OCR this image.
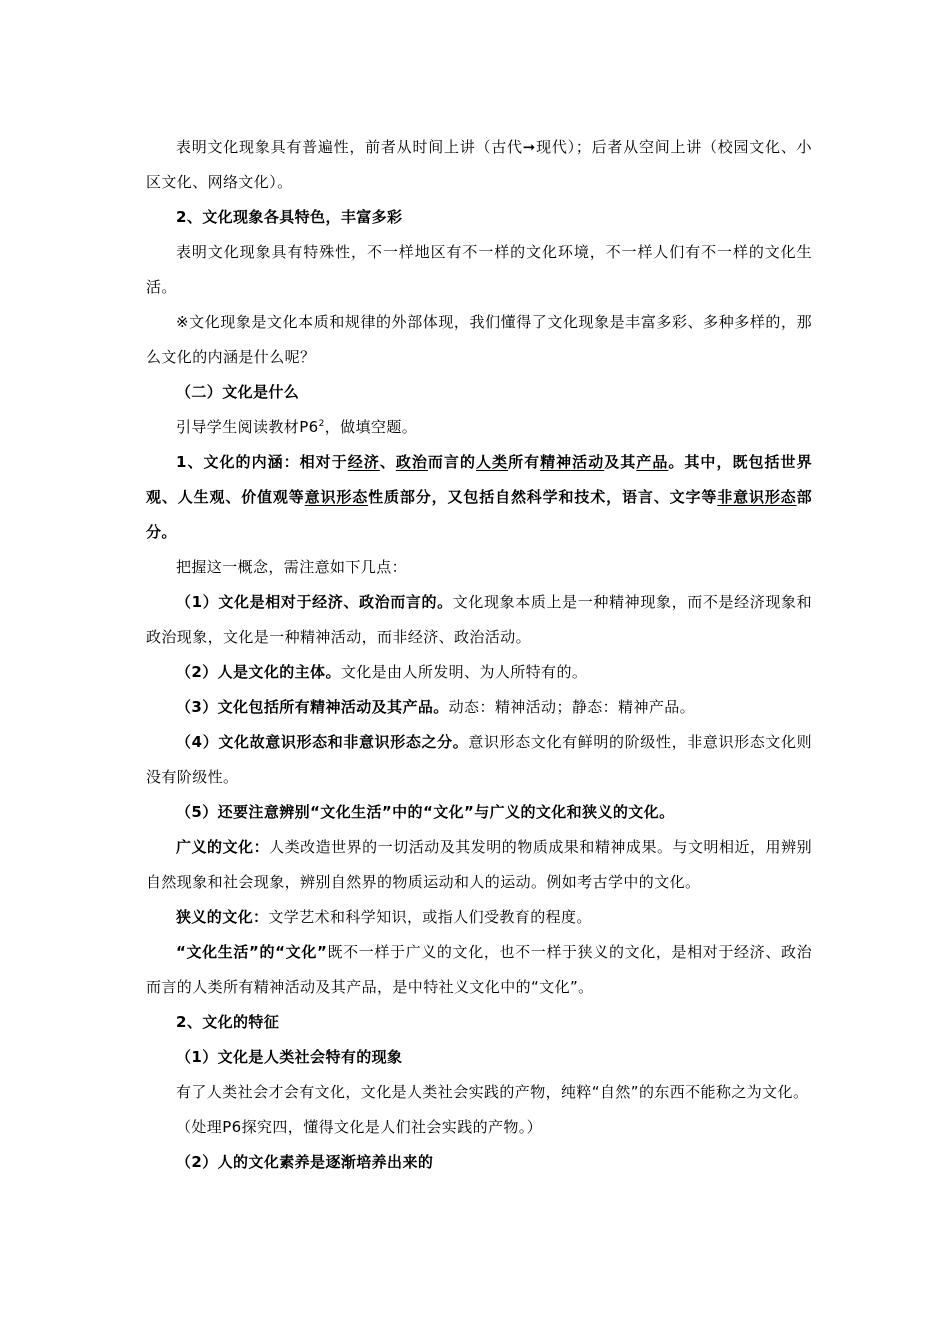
表明文化现象具有普遍性，前者从时间上讲（古代➞现代）；后者从空间上讲（校园文化、小区文化、网络文化）。

2、文化现象各具特色，丰富多彩

表明文化现象具有特殊性，不一样地区有不一样的文化环境，不一样人们有不一样的文化生活。

※文化现象是文化本质和规律的外部体现，我们懂得了文化现象是丰富多彩、多种多样的，那么文化的内涵是什么呢？

（二）文化是什么

引导学生阅读教材$P6^2$，做填空题。

1、文化的内涵：相对于经济、政治而言的人类所有精神活动及其产品。其中，既包括世界观、人生观、价值观等意识形态性质部分，又包括自然科学和技术，语言、文字等非意识形态部分。

把握这一概念，需注意如下几点：

（1）文化是相对于经济、政治而言的。文化现象本质上是一种精神现象，而不是经济现象和政治现象，文化是一种精神活动，而非经济、政治活动。

（2）人是文化的主体。文化是由人所发明、为人所特有的。

（3）文化包括所有精神活动及其产品。动态：精神活动；静态：精神产品。

（4）文化故意识形态和非意识形态之分。意识形态文化有鲜明的阶级性，非意识形态文化则没有阶级性。

（5）还要注意辨别“文化生活”中的“文化”与广义的文化和狭义的文化。

广义的文化：人类改造世界的一切活动及其发明的物质成果和精神成果。与文明相近，用辨别自然现象和社会现象，辨别自然界的物质运动和人的运动。例如考古学中的文化。

狭义的文化：文学艺术和科学知识，或指人们受教育的程度。

“文化生活”的“文化”既不一样于广义的文化，也不一样于狭义的文化，是相对于经济、政治而言的人类所有精神活动及其产品，是中特社义文化中的“文化”。

2、文化的特征

（1）文化是人类社会特有的现象

有了人类社会才会有文化，文化是人类社会实践的产物，纯粹“自然”的东西不能称之为文化。

（处理P6探究四，懂得文化是人们社会实践的产物。）

（2）人的文化素养是逐渐培养出来的
